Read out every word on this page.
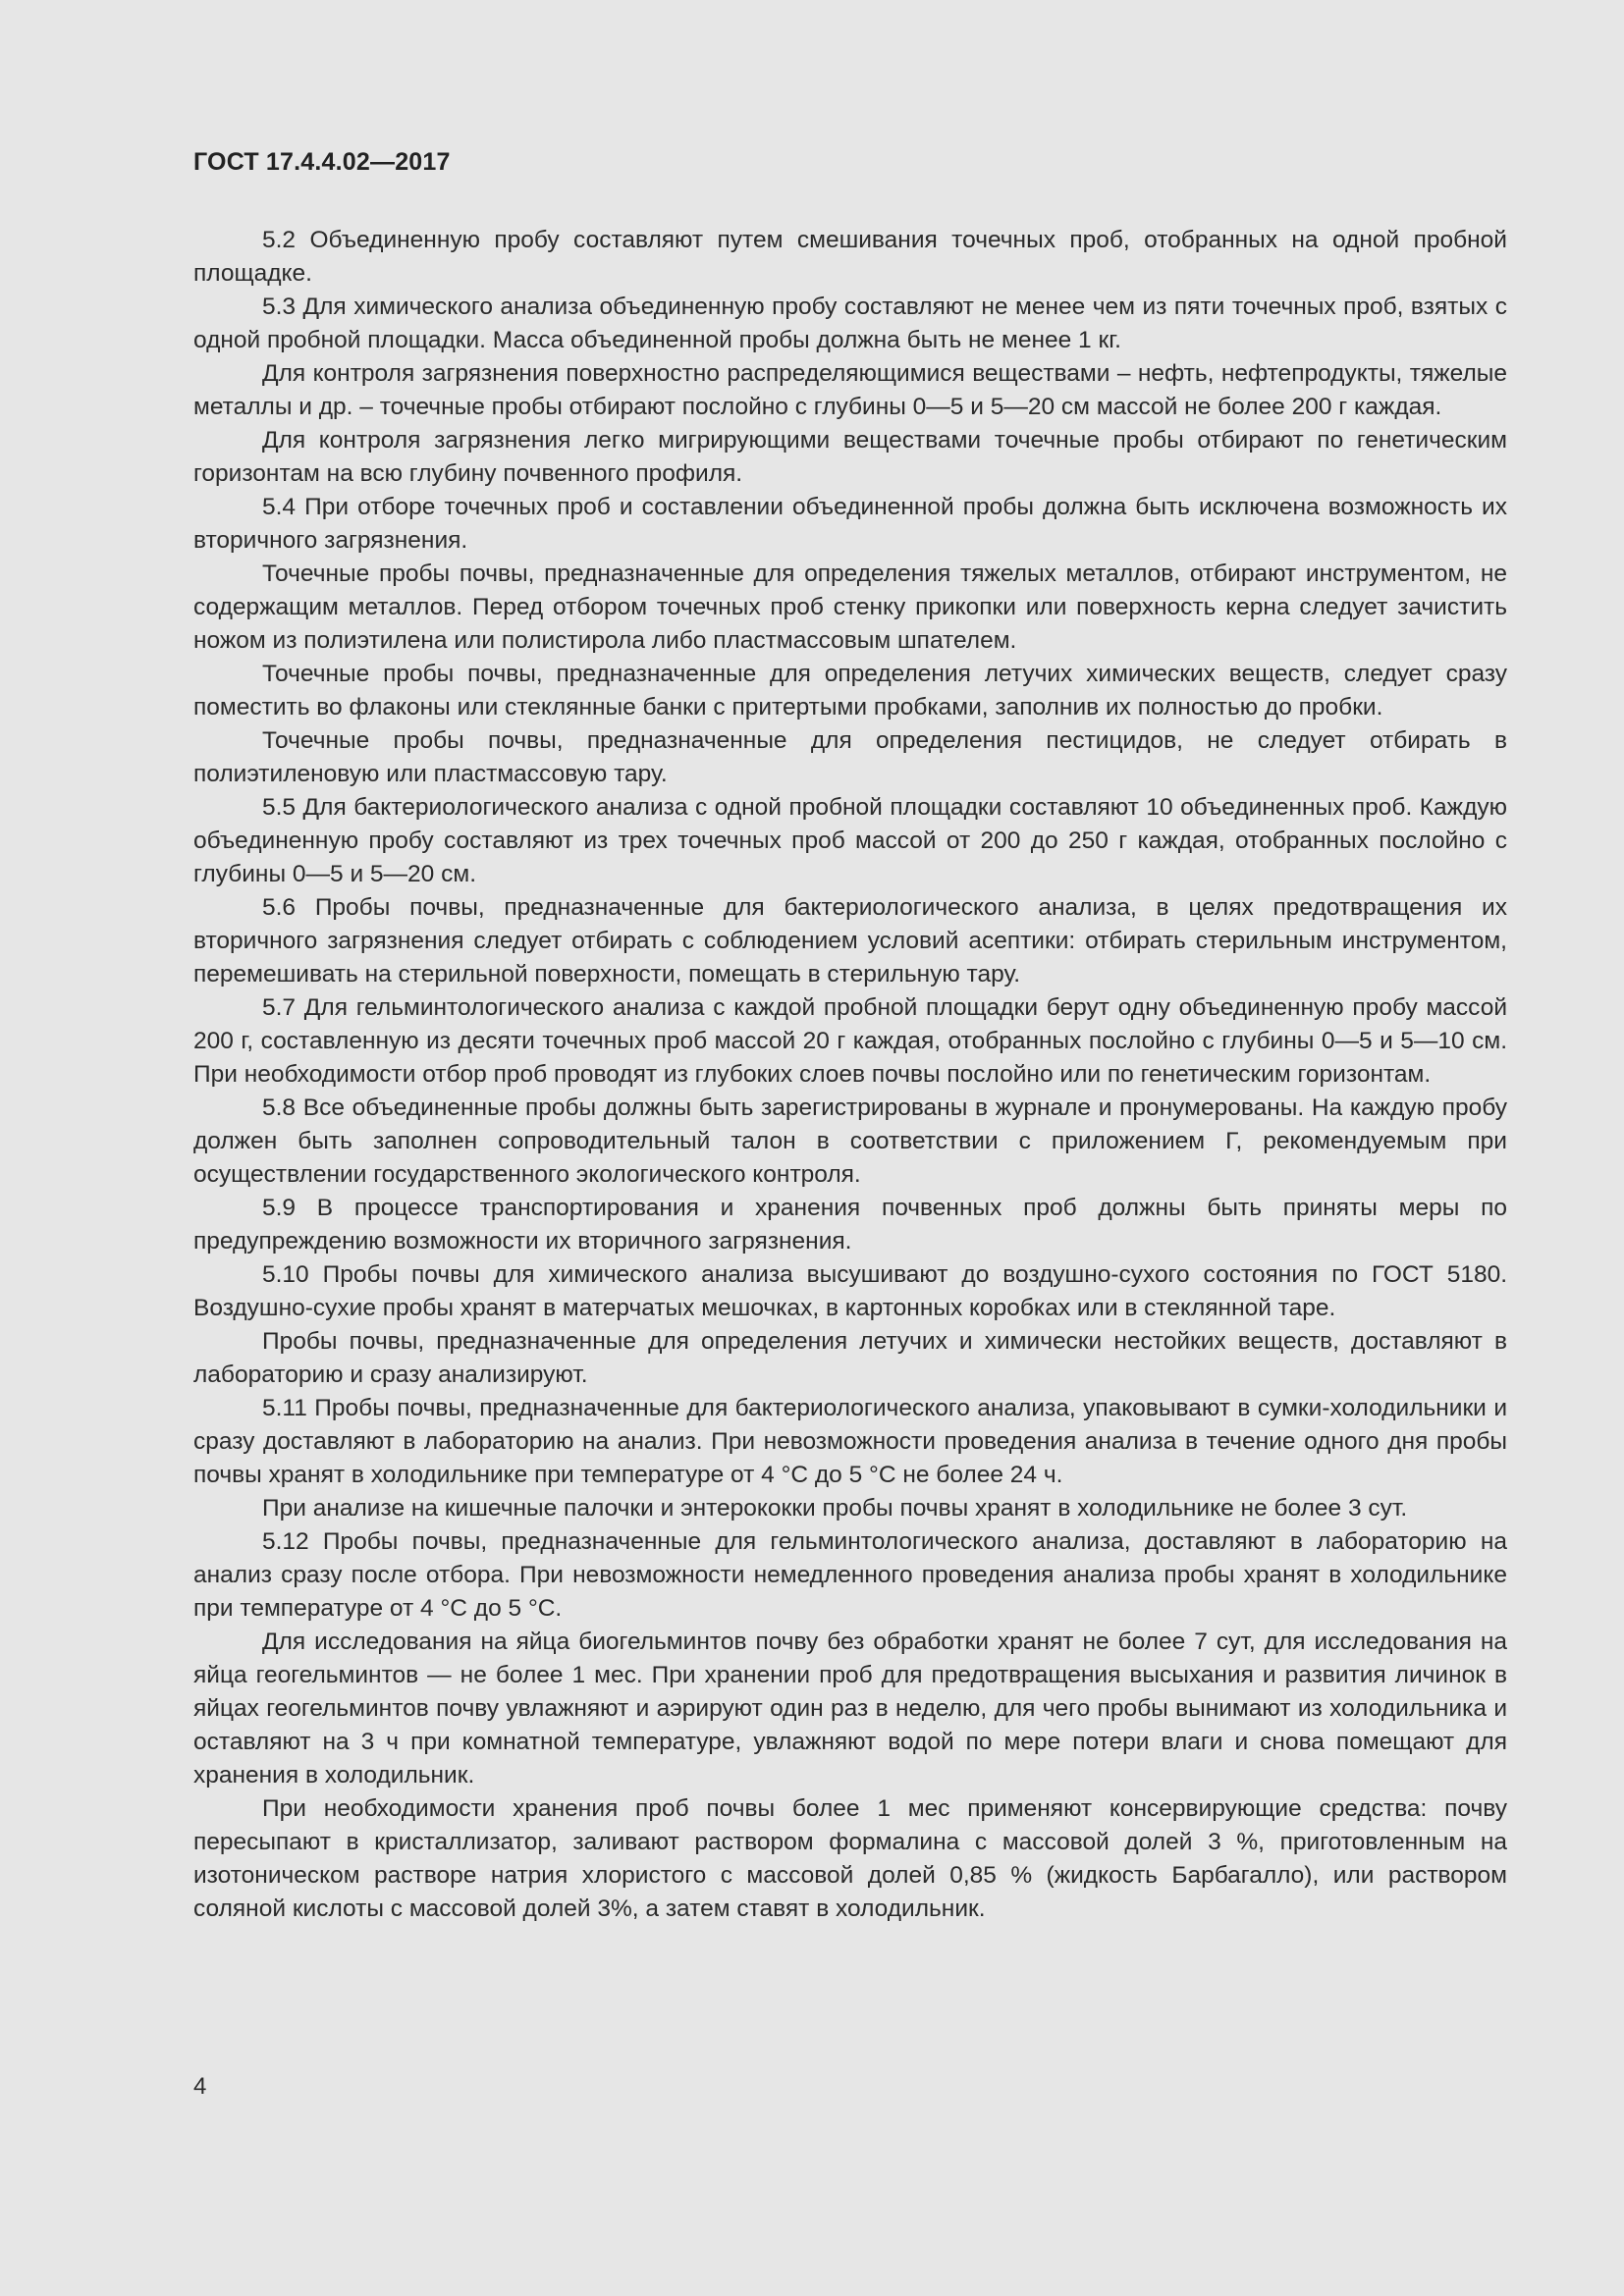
ГОСТ 17.4.4.02—2017

5.2 Объединенную пробу составляют путем смешивания точечных проб, отобранных на одной пробной площадке.

5.3 Для химического анализа объединенную пробу составляют не менее чем из пяти точечных проб, взятых с одной пробной площадки. Масса объединенной пробы должна быть не менее 1 кг.

Для контроля загрязнения поверхностно распределяющимися веществами – нефть, нефтепродукты, тяжелые металлы и др. – точечные пробы отбирают послойно с глубины 0—5 и 5—20 см массой не более 200 г каждая.

Для контроля загрязнения легко мигрирующими веществами точечные пробы отбирают по генетическим горизонтам на всю глубину почвенного профиля.

5.4 При отборе точечных проб и составлении объединенной пробы должна быть исключена возможность их вторичного загрязнения.

Точечные пробы почвы, предназначенные для определения тяжелых металлов, отбирают инструментом, не содержащим металлов. Перед отбором точечных проб стенку прикопки или поверхность керна следует зачистить ножом из полиэтилена или полистирола либо пластмассовым шпателем.

Точечные пробы почвы, предназначенные для определения летучих химических веществ, следует сразу поместить во флаконы или стеклянные банки с притертыми пробками, заполнив их полностью до пробки.

Точечные пробы почвы, предназначенные для определения пестицидов, не следует отбирать в полиэтиленовую или пластмассовую тару.

5.5 Для бактериологического анализа с одной пробной площадки составляют 10 объединенных проб. Каждую объединенную пробу составляют из трех точечных проб массой от 200 до 250 г каждая, отобранных послойно с глубины 0—5 и 5—20 см.

5.6 Пробы почвы, предназначенные для бактериологического анализа, в целях предотвращения их вторичного загрязнения следует отбирать с соблюдением условий асептики: отбирать стерильным инструментом, перемешивать на стерильной поверхности, помещать в стерильную тару.

5.7 Для гельминтологического анализа с каждой пробной площадки берут одну объединенную пробу массой 200 г, составленную из десяти точечных проб массой 20 г каждая, отобранных послойно с глубины 0—5 и 5—10 см. При необходимости отбор проб проводят из глубоких слоев почвы послойно или по генетическим горизонтам.

5.8 Все объединенные пробы должны быть зарегистрированы в журнале и пронумерованы. На каждую пробу должен быть заполнен сопроводительный талон в соответствии с приложением Г, рекомендуемым при осуществлении государственного экологического контроля.

5.9 В процессе транспортирования и хранения почвенных проб должны быть приняты меры по предупреждению возможности их вторичного загрязнения.

5.10 Пробы почвы для химического анализа высушивают до воздушно-сухого состояния по ГОСТ 5180. Воздушно-сухие пробы хранят в матерчатых мешочках, в картонных коробках или в стеклянной таре.

Пробы почвы, предназначенные для определения летучих и химически нестойких веществ, доставляют в лабораторию и сразу анализируют.

5.11 Пробы почвы, предназначенные для бактериологического анализа, упаковывают в сумки-холодильники и сразу доставляют в лабораторию на анализ. При невозможности проведения анализа в течение одного дня пробы почвы хранят в холодильнике при температуре от 4 °С до 5 °С не более 24 ч.

При анализе на кишечные палочки и энтерококки пробы почвы хранят в холодильнике не более 3 сут.

5.12 Пробы почвы, предназначенные для гельминтологического анализа, доставляют в лабораторию на анализ сразу после отбора. При невозможности немедленного проведения анализа пробы хранят в холодильнике при температуре от 4 °С до 5 °С.

Для исследования на яйца биогельминтов почву без обработки хранят не более 7 сут, для исследования на яйца геогельминтов — не более 1 мес. При хранении проб для предотвращения высыхания и развития личинок в яйцах геогельминтов почву увлажняют и аэрируют один раз в неделю, для чего пробы вынимают из холодильника и оставляют на 3 ч при комнатной температуре, увлажняют водой по мере потери влаги и снова помещают для хранения в холодильник.

При необходимости хранения проб почвы более 1 мес применяют консервирующие средства: почву пересыпают в кристаллизатор, заливают раствором формалина с массовой долей 3 %, приготовленным на изотоническом растворе натрия хлористого с массовой долей 0,85 % (жидкость Барбагалло), или раствором соляной кислоты с массовой долей 3%, а затем ставят в холодильник.

4
